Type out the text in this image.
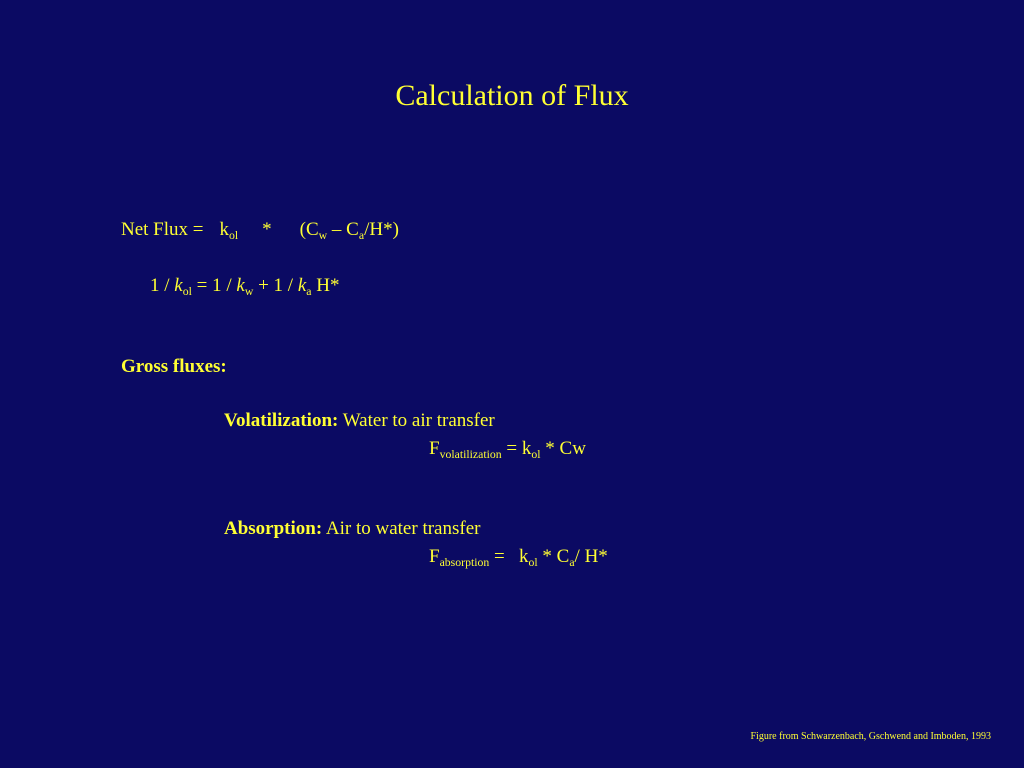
Calculation of Flux
Net Flux = $k_{ol} * (C_w - C_a/H*)$
$1 / k_{ol} = 1 / k_w + 1 / k_a$ H*
Gross fluxes:
Volatilization: Water to air transfer
$F_{volatilization} = k_{ol} * Cw$
Absorption: Air to water transfer
$F_{absorption} = k_{ol} * C_a/$ H*
Figure from Schwarzenbach, Gschwend and Imboden, 1993
